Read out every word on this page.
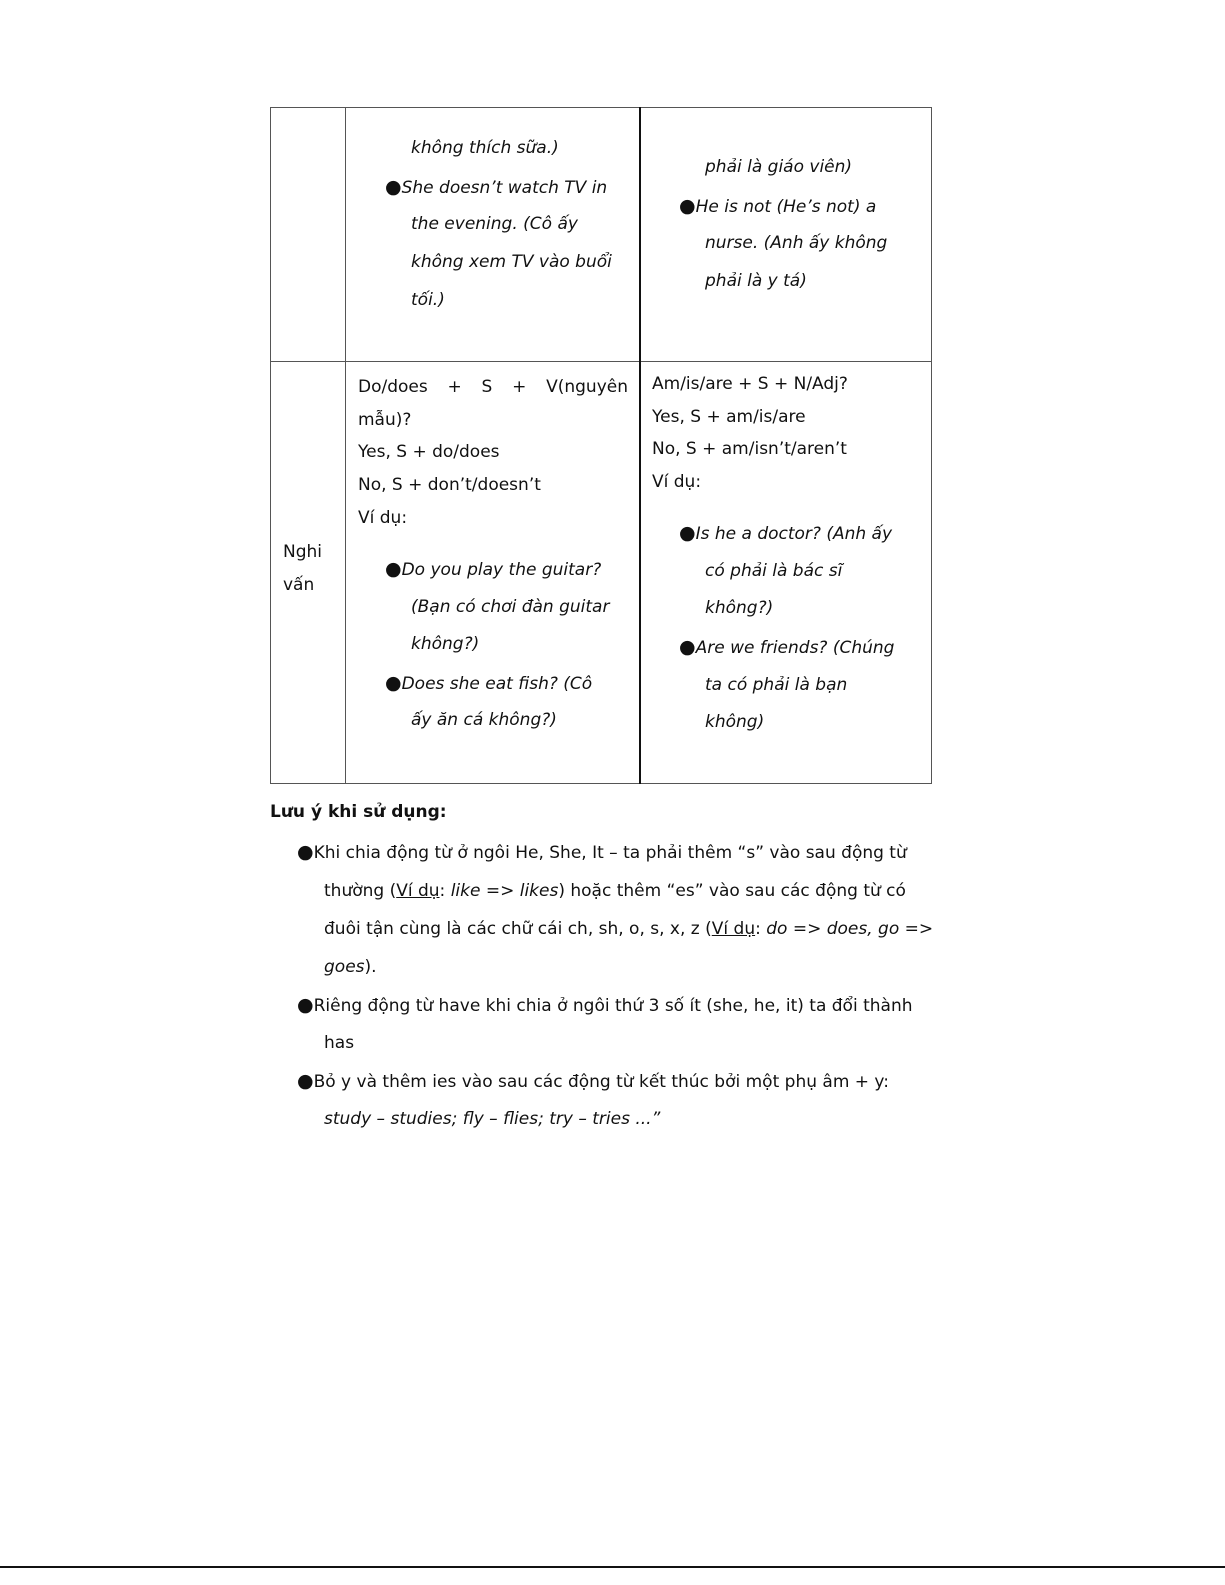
không thích sữa.)
●She doesn’t watch TV in
the evening. (Cô ấy
không xem TV vào buổi
tối.)
phải là giáo viên)
●He is not (He’s not) a
nurse. (Anh ấy không
phải là y tá)
Nghi
vấn
Do/does + S + V(nguyên
mẫu)?
Yes, S + do/does
No, S + don’t/doesn’t
Ví dụ:
●Do you play the guitar?
(Bạn có chơi đàn guitar
không?)
●Does she eat fish? (Cô
ấy ăn cá không?)
Am/is/are + S + N/Adj?
Yes, S + am/is/are
No, S + am/isn’t/aren’t
Ví dụ:
●Is he a doctor? (Anh ấy
có phải là bác sĩ
không?)
●Are we friends? (Chúng
ta có phải là bạn
không)
Lưu ý khi sử dụng:
●Khi chia động từ ở ngôi He, She, It – ta phải thêm “s” vào sau động từ
thường (Ví dụ: like => likes) hoặc thêm “es” vào sau các động từ có
đuôi tận cùng là các chữ cái ch, sh, o, s, x, z (Ví dụ: do => does, go =>
goes).
●Riêng động từ have khi chia ở ngôi thứ 3 số ít (she, he, it) ta đổi thành
has
●Bỏ y và thêm ies vào sau các động từ kết thúc bởi một phụ âm + y:
study – studies; fly – flies; try – tries ...”
